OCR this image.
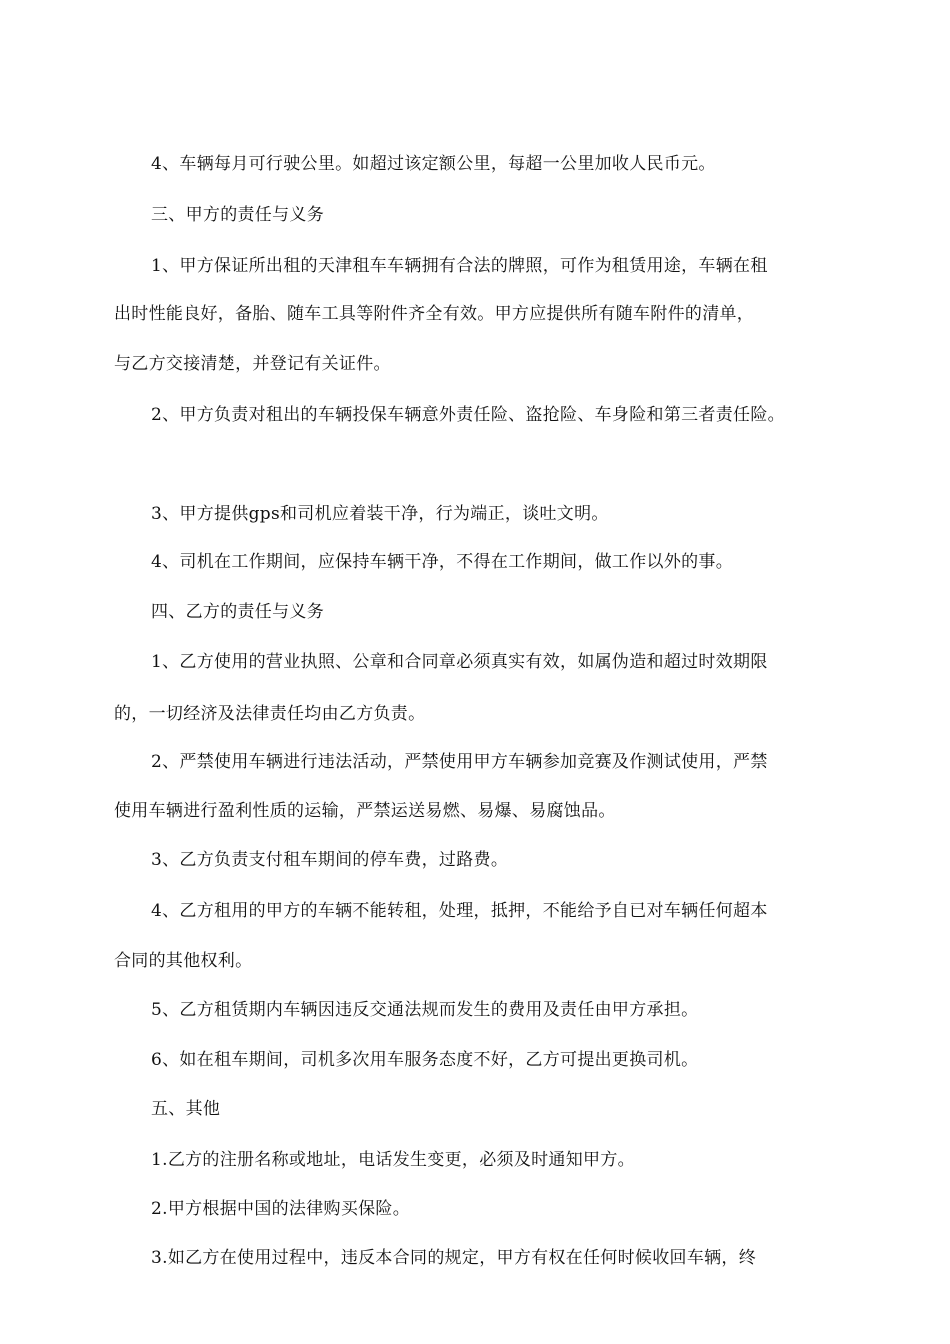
4、车辆每月可行驶公里。如超过该定额公里，每超一公里加收人民币元。
三、甲方的责任与义务
1、甲方保证所出租的天津租车车辆拥有合法的牌照，可作为租赁用途，车辆在租
出时性能良好，备胎、随车工具等附件齐全有效。甲方应提供所有随车附件的清单，
与乙方交接清楚，并登记有关证件。
2、甲方负责对租出的车辆投保车辆意外责任险、盗抢险、车身险和第三者责任险。
3、甲方提供gps和司机应着装干净，行为端正，谈吐文明。
4、司机在工作期间，应保持车辆干净，不得在工作期间，做工作以外的事。
四、乙方的责任与义务
1、乙方使用的营业执照、公章和合同章必须真实有效，如属伪造和超过时效期限
的，一切经济及法律责任均由乙方负责。
2、严禁使用车辆进行违法活动，严禁使用甲方车辆参加竞赛及作测试使用，严禁
使用车辆进行盈利性质的运输，严禁运送易燃、易爆、易腐蚀品。
3、乙方负责支付租车期间的停车费，过路费。
4、乙方租用的甲方的车辆不能转租，处理，抵押，不能给予自已对车辆任何超本
合同的其他权利。
5、乙方租赁期内车辆因违反交通法规而发生的费用及责任由甲方承担。
6、如在租车期间，司机多次用车服务态度不好，乙方可提出更换司机。
五、其他
1.乙方的注册名称或地址，电话发生变更，必须及时通知甲方。
2.甲方根据中国的法律购买保险。
3.如乙方在使用过程中，违反本合同的规定，甲方有权在任何时候收回车辆，终
